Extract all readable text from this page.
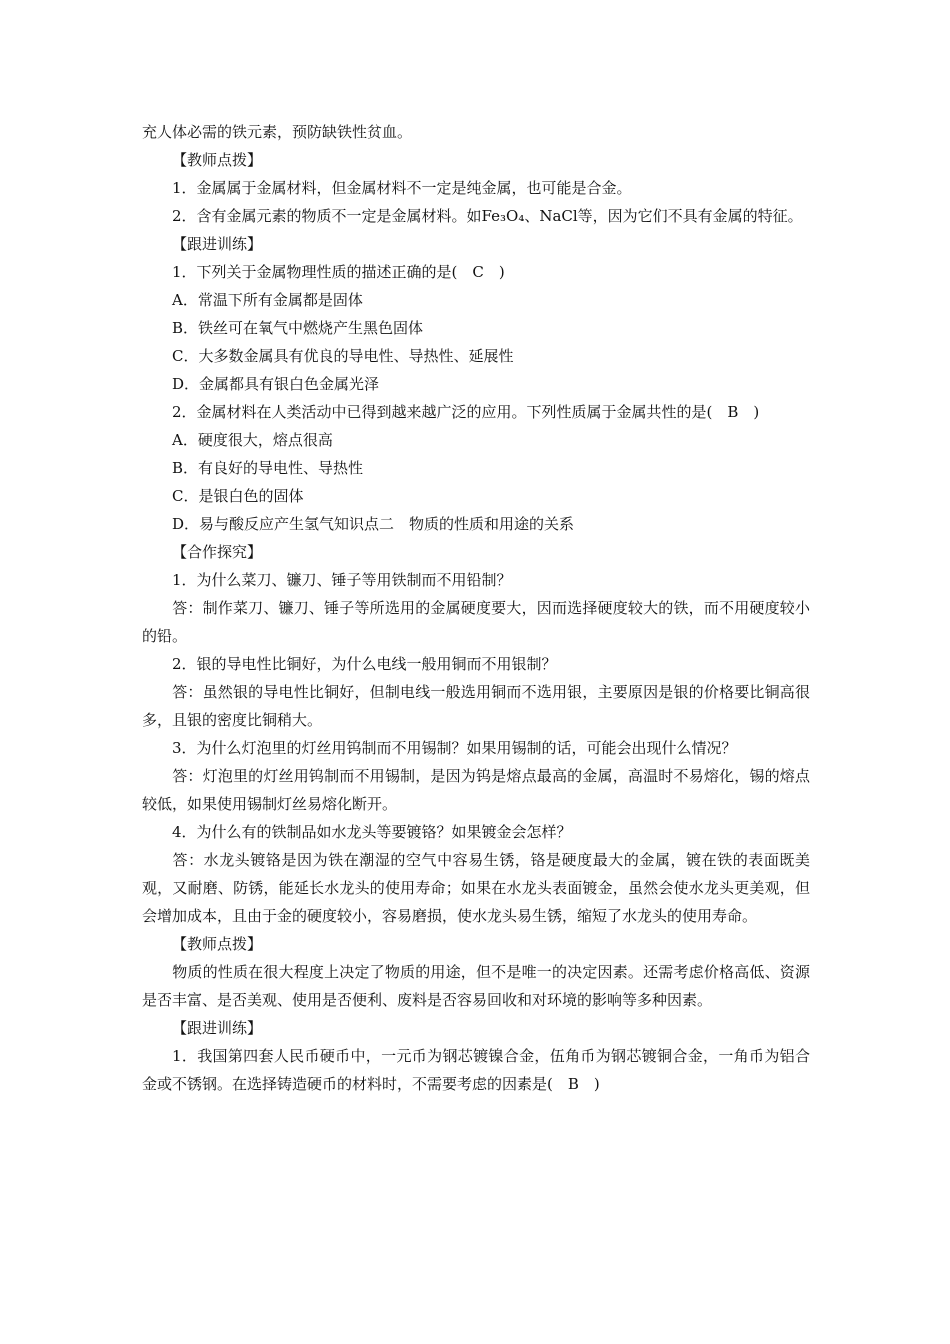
充人体必需的铁元素，预防缺铁性贫血。
【教师点拨】
1．金属属于金属材料，但金属材料不一定是纯金属，也可能是合金。
2．含有金属元素的物质不一定是金属材料。如Fe₃O₄、NaCl等，因为它们不具有金属的特征。
【跟进训练】
1．下列关于金属物理性质的描述正确的是(　C　)
A．常温下所有金属都是固体
B．铁丝可在氧气中燃烧产生黑色固体
C．大多数金属具有优良的导电性、导热性、延展性
D．金属都具有银白色金属光泽
2．金属材料在人类活动中已得到越来越广泛的应用。下列性质属于金属共性的是(　B　)
A．硬度很大，熔点很高
B．有良好的导电性、导热性
C．是银白色的固体
D．易与酸反应产生氢气知识点二　物质的性质和用途的关系
【合作探究】
1．为什么菜刀、镰刀、锤子等用铁制而不用铅制？
答：制作菜刀、镰刀、锤子等所选用的金属硬度要大，因而选择硬度较大的铁，而不用硬度较小的铅。
2．银的导电性比铜好，为什么电线一般用铜而不用银制？
答：虽然银的导电性比铜好，但制电线一般选用铜而不选用银，主要原因是银的价格要比铜高很多，且银的密度比铜稍大。
3．为什么灯泡里的灯丝用钨制而不用锡制？如果用锡制的话，可能会出现什么情况？
答：灯泡里的灯丝用钨制而不用锡制，是因为钨是熔点最高的金属，高温时不易熔化，锡的熔点较低，如果使用锡制灯丝易熔化断开。
4．为什么有的铁制品如水龙头等要镀铬？如果镀金会怎样？
答：水龙头镀铬是因为铁在潮湿的空气中容易生锈，铬是硬度最大的金属，镀在铁的表面既美观，又耐磨、防锈，能延长水龙头的使用寿命；如果在水龙头表面镀金，虽然会使水龙头更美观，但会增加成本，且由于金的硬度较小，容易磨损，使水龙头易生锈，缩短了水龙头的使用寿命。
【教师点拨】
物质的性质在很大程度上决定了物质的用途，但不是唯一的决定因素。还需考虑价格高低、资源是否丰富、是否美观、使用是否便利、废料是否容易回收和对环境的影响等多种因素。
【跟进训练】
1．我国第四套人民币硬币中，一元币为钢芯镀镍合金，伍角币为钢芯镀铜合金，一角币为铝合金或不锈钢。在选择铸造硬币的材料时，不需要考虑的因素是(　B　)
